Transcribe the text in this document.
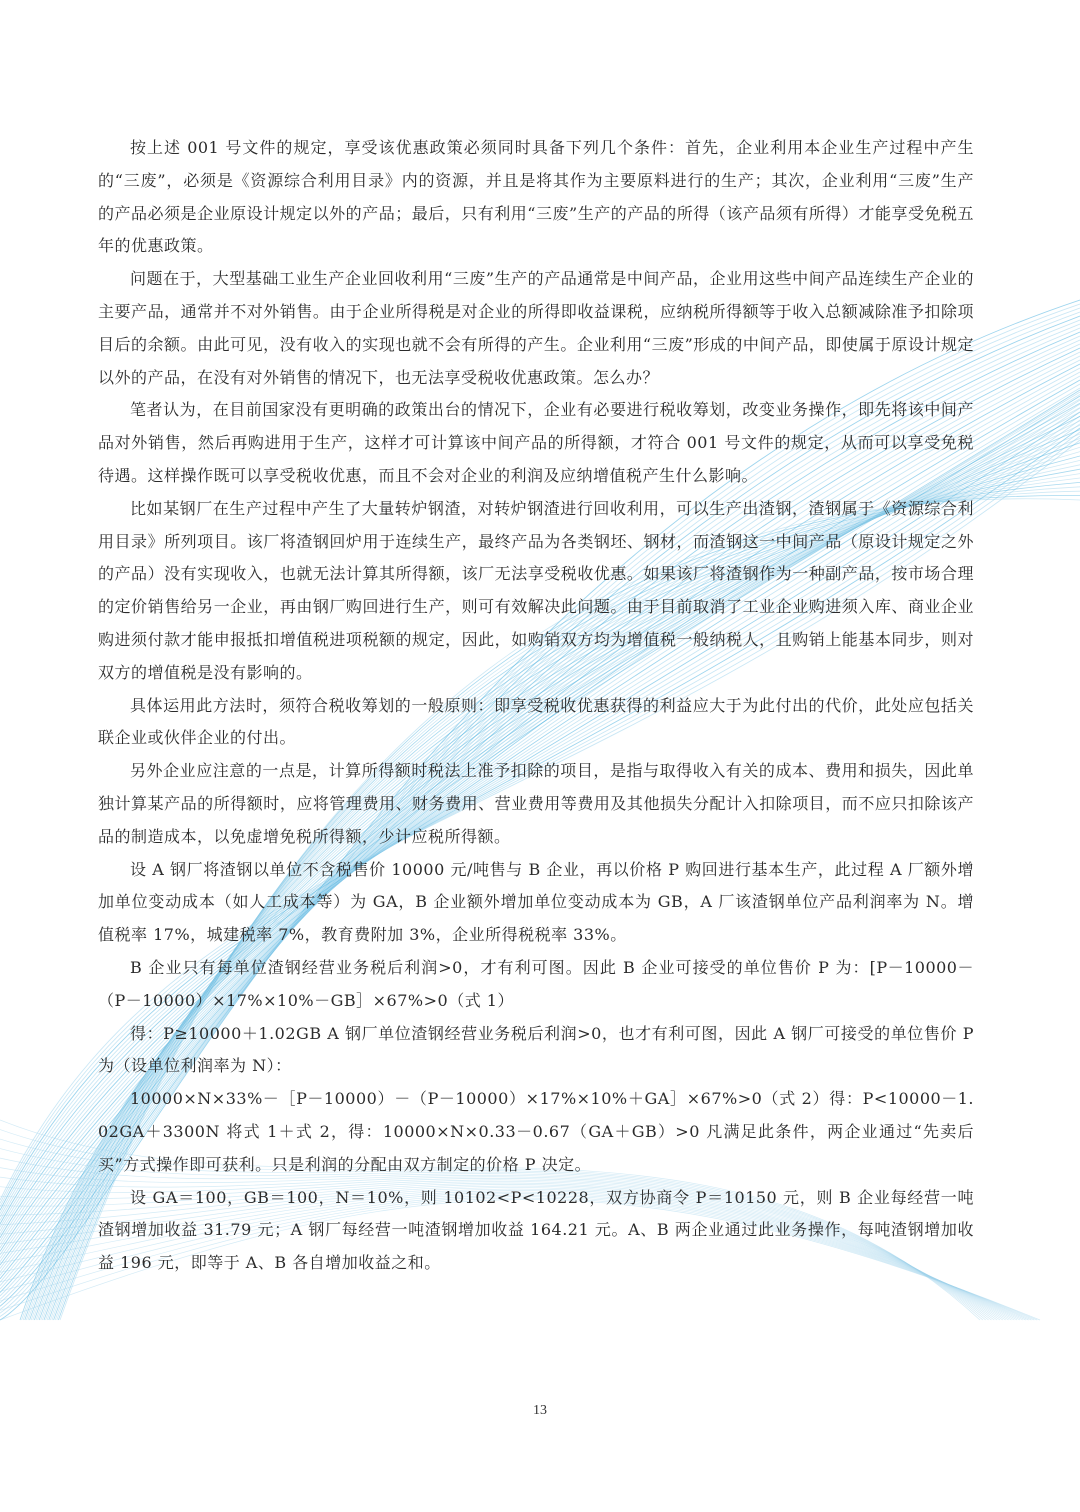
按上述 001 号文件的规定，享受该优惠政策必须同时具备下列几个条件：首先，企业利用本企业生产过程中产生的“三废”，必须是《资源综合利用目录》内的资源，并且是将其作为主要原料进行的生产；其次，企业利用“三废”生产的产品必须是企业原设计规定以外的产品；最后，只有利用“三废”生产的产品的所得（该产品须有所得）才能享受免税五年的优惠政策。

问题在于，大型基础工业生产企业回收利用“三废”生产的产品通常是中间产品，企业用这些中间产品连续生产企业的主要产品，通常并不对外销售。由于企业所得税是对企业的所得即收益课税，应纳税所得额等于收入总额减除准予扣除项目后的余额。由此可见，没有收入的实现也就不会有所得的产生。企业利用“三废”形成的中间产品，即使属于原设计规定以外的产品，在没有对外销售的情况下，也无法享受税收优惠政策。怎么办？

笔者认为，在目前国家没有更明确的政策出台的情况下，企业有必要进行税收筹划，改变业务操作，即先将该中间产品对外销售，然后再购进用于生产，这样才可计算该中间产品的所得额，才符合 001 号文件的规定，从而可以享受免税待遇。这样操作既可以享受税收优惠，而且不会对企业的利润及应纳增值税产生什么影响。

比如某钢厂在生产过程中产生了大量转炉钢渣，对转炉钢渣进行回收利用，可以生产出渣钢，渣钢属于《资源综合利用目录》所列项目。该厂将渣钢回炉用于连续生产，最终产品为各类钢坯、钢材，而渣钢这一中间产品（原设计规定之外的产品）没有实现收入，也就无法计算其所得额，该厂无法享受税收优惠。如果该厂将渣钢作为一种副产品，按市场合理的定价销售给另一企业，再由钢厂购回进行生产，则可有效解决此问题。由于目前取消了工业企业购进须入库、商业企业购进须付款才能申报抵扣增值税进项税额的规定，因此，如购销双方均为增值税一般纳税人，且购销上能基本同步，则对双方的增值税是没有影响的。

具体运用此方法时，须符合税收筹划的一般原则：即享受税收优惠获得的利益应大于为此付出的代价，此处应包括关联企业或伙伴企业的付出。

另外企业应注意的一点是，计算所得额时税法上准予扣除的项目，是指与取得收入有关的成本、费用和损失，因此单独计算某产品的所得额时，应将管理费用、财务费用、营业费用等费用及其他损失分配计入扣除项目，而不应只扣除该产品的制造成本，以免虚增免税所得额，少计应税所得额。

设 A 钢厂将渣钢以单位不含税售价 10000 元/吨售与 B 企业，再以价格 P 购回进行基本生产，此过程 A 厂额外增加单位变动成本（如人工成本等）为 GA，B 企业额外增加单位变动成本为 GB，A 厂该渣钢单位产品利润率为 N。增值税率 17%，城建税率 7%，教育费附加 3%，企业所得税税率 33%。

B 企业只有每单位渣钢经营业务税后利润>0，才有利可图。因此 B 企业可接受的单位售价 P 为：[P－10000－（P－10000）×17%×10%－GB］×67%>0（式 1）

得：P≥10000＋1.02GB A 钢厂单位渣钢经营业务税后利润>0，也才有利可图，因此 A 钢厂可接受的单位售价 P 为（设单位利润率为 N）：

10000×N×33%－［P－10000）－（P－10000）×17%×10%＋GA］×67%>0（式 2）得：P<10000－1.02GA＋3300N 将式 1＋式 2，得：10000×N×0.33－0.67（GA＋GB）>0 凡满足此条件，两企业通过“先卖后买”方式操作即可获利。只是利润的分配由双方制定的价格 P 决定。

设 GA＝100，GB＝100，N＝10%，则 10102<P<10228，双方协商令 P＝10150 元，则 B 企业每经营一吨渣钢增加收益 31.79 元；A 钢厂每经营一吨渣钢增加收益 164.21 元。A、B 两企业通过此业务操作，每吨渣钢增加收益 196 元，即等于 A、B 各自增加收益之和。

13
